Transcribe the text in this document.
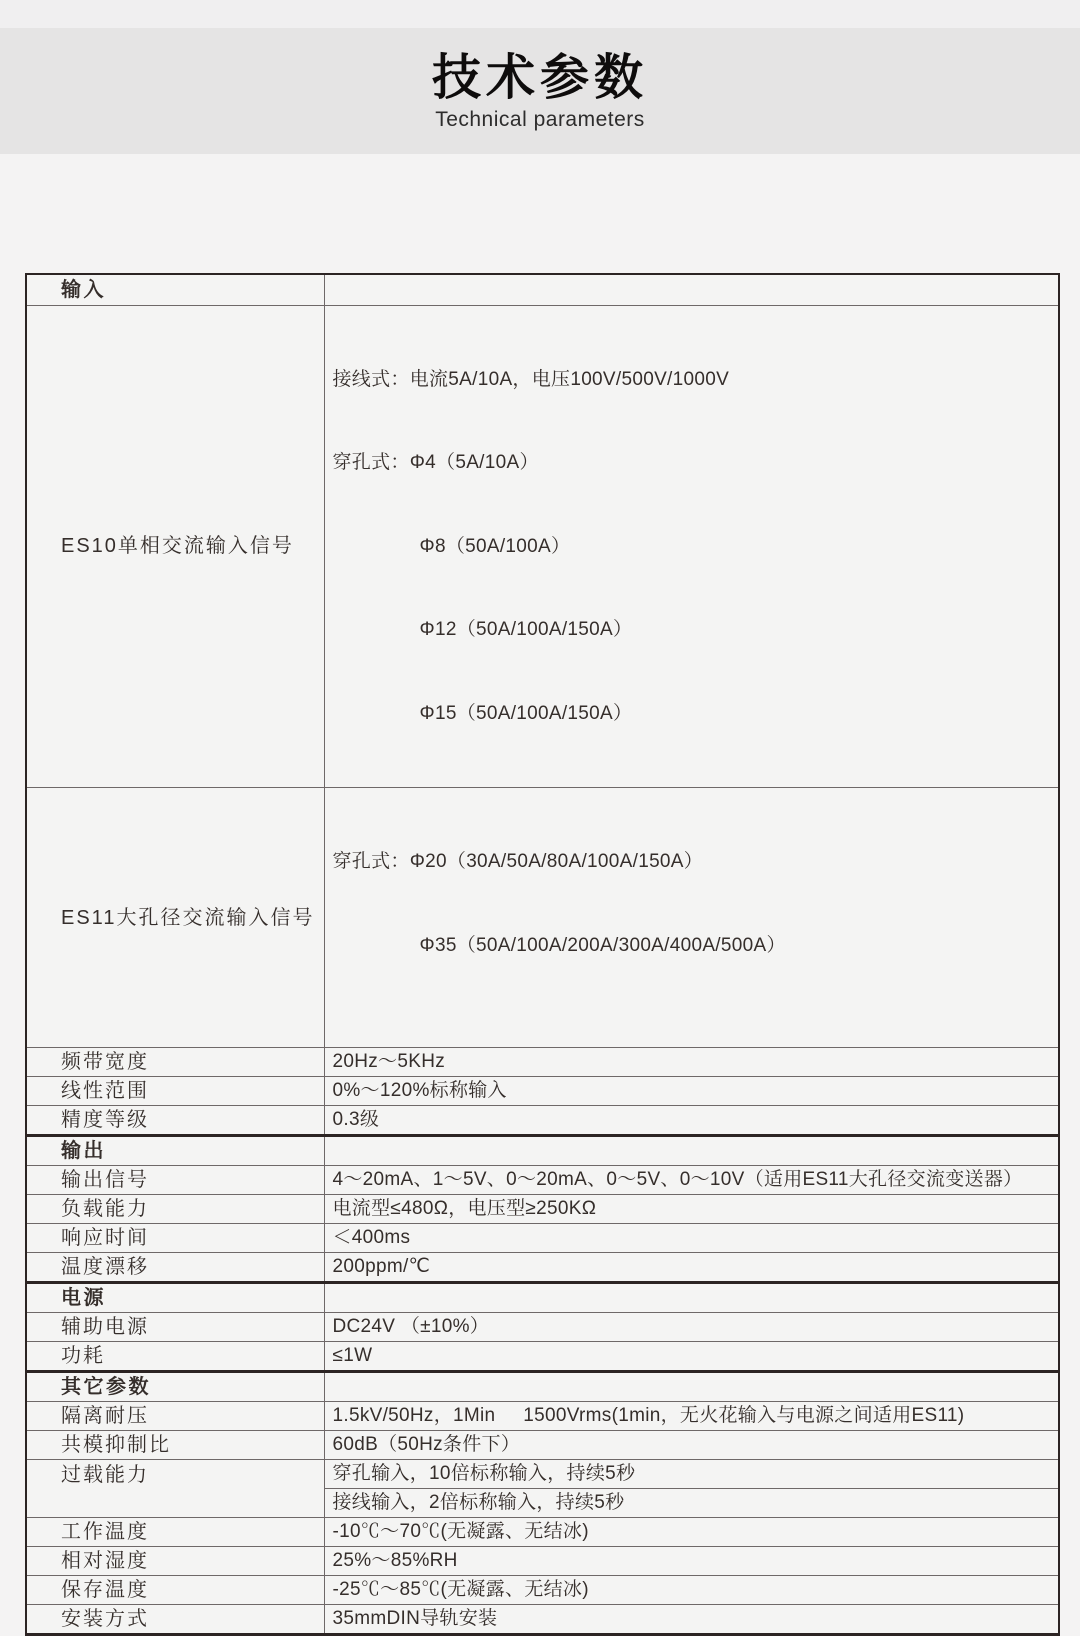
技术参数
Technical parameters
输入	
ES10单相交流输入信号	接线式：电流5A/10A，电压100V/500V/1000V

穿孔式：Φ4（5A/10A）

Φ8（50A/100A）

Φ12（50A/100A/150A）

Φ15（50A/100A/150A）

ES11大孔径交流输入信号	穿孔式：Φ20（30A/50A/80A/100A/150A）

Φ35（50A/100A/200A/300A/400A/500A）

频带宽度	20Hz～5KHz
线性范围	0%～120%标称输入
精度等级	0.3级
输出	
输出信号	4～20mA、1～5V、0～20mA、0～5V、0～10V（适用ES11大孔径交流变送器）
负载能力	电流型≤480Ω，电压型≥250KΩ
响应时间	＜400ms
温度漂移	200ppm/℃
电源	
辅助电源	DC24V （±10%）
功耗	≤1W
其它参数	
隔离耐压	1.5kV/50Hz，1Min     1500Vrms(1min，无火花输入与电源之间适用ES11)
共模抑制比	60dB（50Hz条件下）
过载能力	穿孔输入，10倍标称输入，持续5秒
	接线输入，2倍标称输入，持续5秒
工作温度	-10℃～70℃(无凝露、无结冰)
相对湿度	25%～85%RH
保存温度	-25℃～85℃(无凝露、无结冰)
安装方式	35mmDIN导轨安装
